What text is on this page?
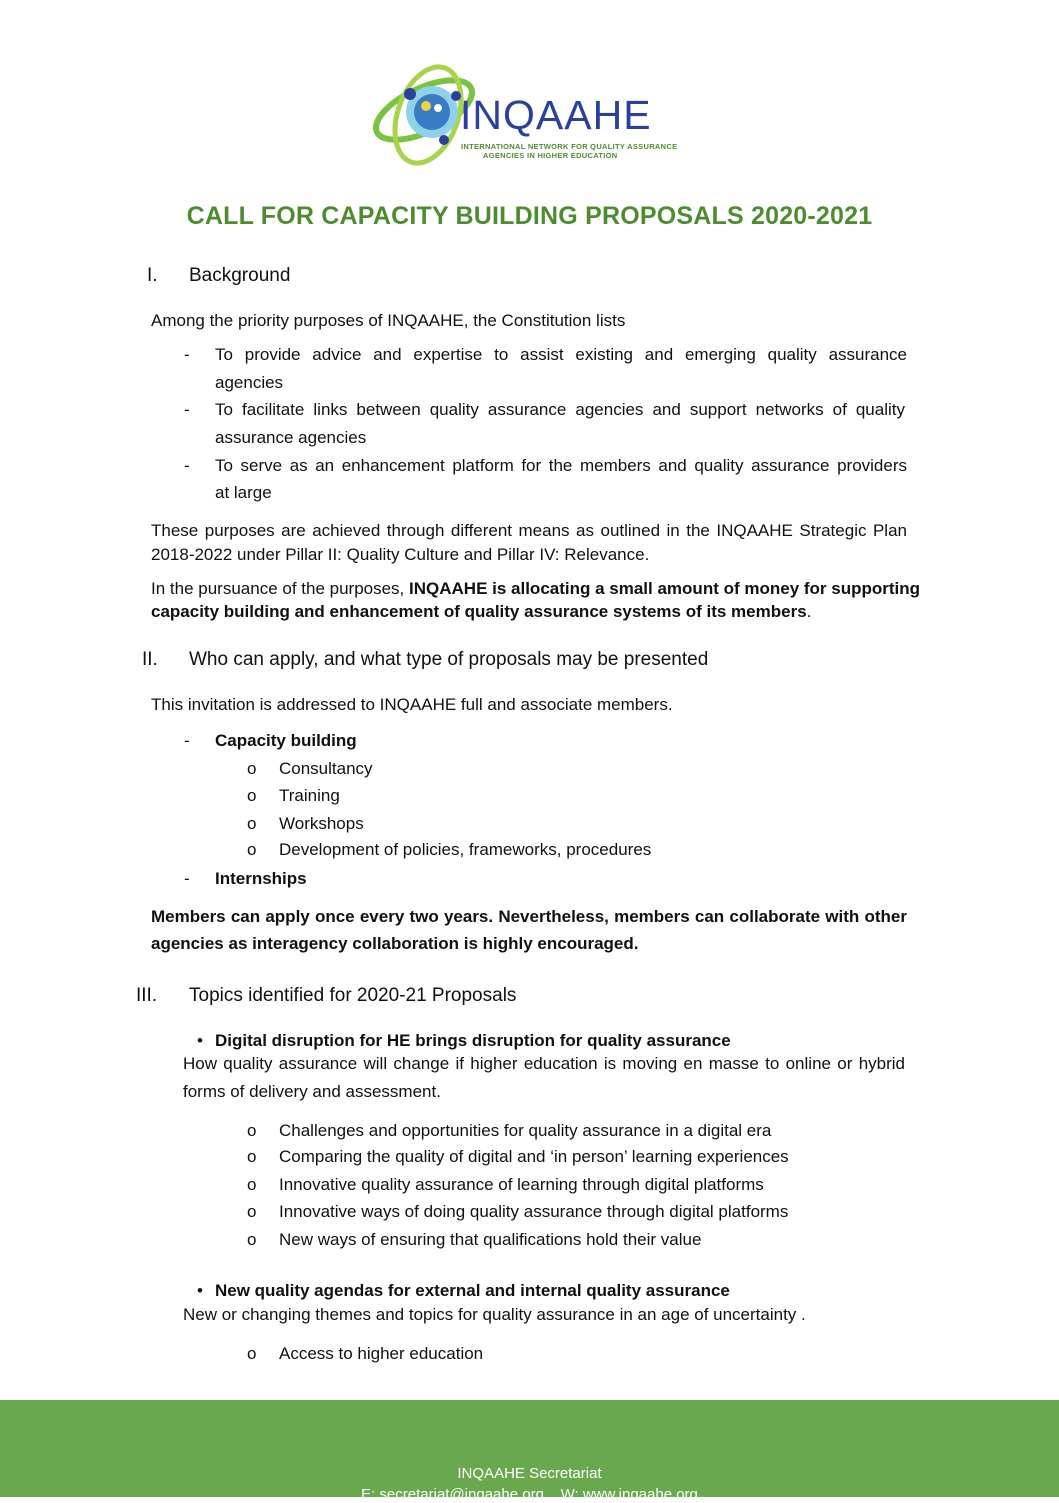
INQAAHE
INTERNATIONAL NETWORK FOR QUALITY ASSURANCE
AGENCIES IN HIGHER EDUCATION
CALL FOR CAPACITY BUILDING PROPOSALS 2020-2021
I. Background
Among the priority purposes of INQAAHE, the Constitution lists
- To provide advice and expertise to assist existing and emerging quality assurance
agencies
- To facilitate links between quality assurance agencies and support networks of quality
assurance agencies
- To serve as an enhancement platform for the members and quality assurance providers
at large
These purposes are achieved through different means as outlined in the INQAAHE Strategic Plan
2018-2022 under Pillar II: Quality Culture and Pillar IV: Relevance.
In the pursuance of the purposes, INQAAHE is allocating a small amount of money for supporting
capacity building and enhancement of quality assurance systems of its members.
II. Who can apply, and what type of proposals may be presented
This invitation is addressed to INQAAHE full and associate members.
- Capacity building
o Consultancy
o Training
o Workshops
o Development of policies, frameworks, procedures
- Internships
Members can apply once every two years. Nevertheless, members can collaborate with other
agencies as interagency collaboration is highly encouraged.
III. Topics identified for 2020-21 Proposals
• Digital disruption for HE brings disruption for quality assurance
How quality assurance will change if higher education is moving en masse to online or hybrid
forms of delivery and assessment.
o Challenges and opportunities for quality assurance in a digital era
o Comparing the quality of digital and ‘in person’ learning experiences
o Innovative quality assurance of learning through digital platforms
o Innovative ways of doing quality assurance through digital platforms
o New ways of ensuring that qualifications hold their value
• New quality agendas for external and internal quality assurance
New or changing themes and topics for quality assurance in an age of uncertainty .
o Access to higher education
INQAAHE Secretariat
E: secretariat@inqaahe.org W: www.inqaahe.org
